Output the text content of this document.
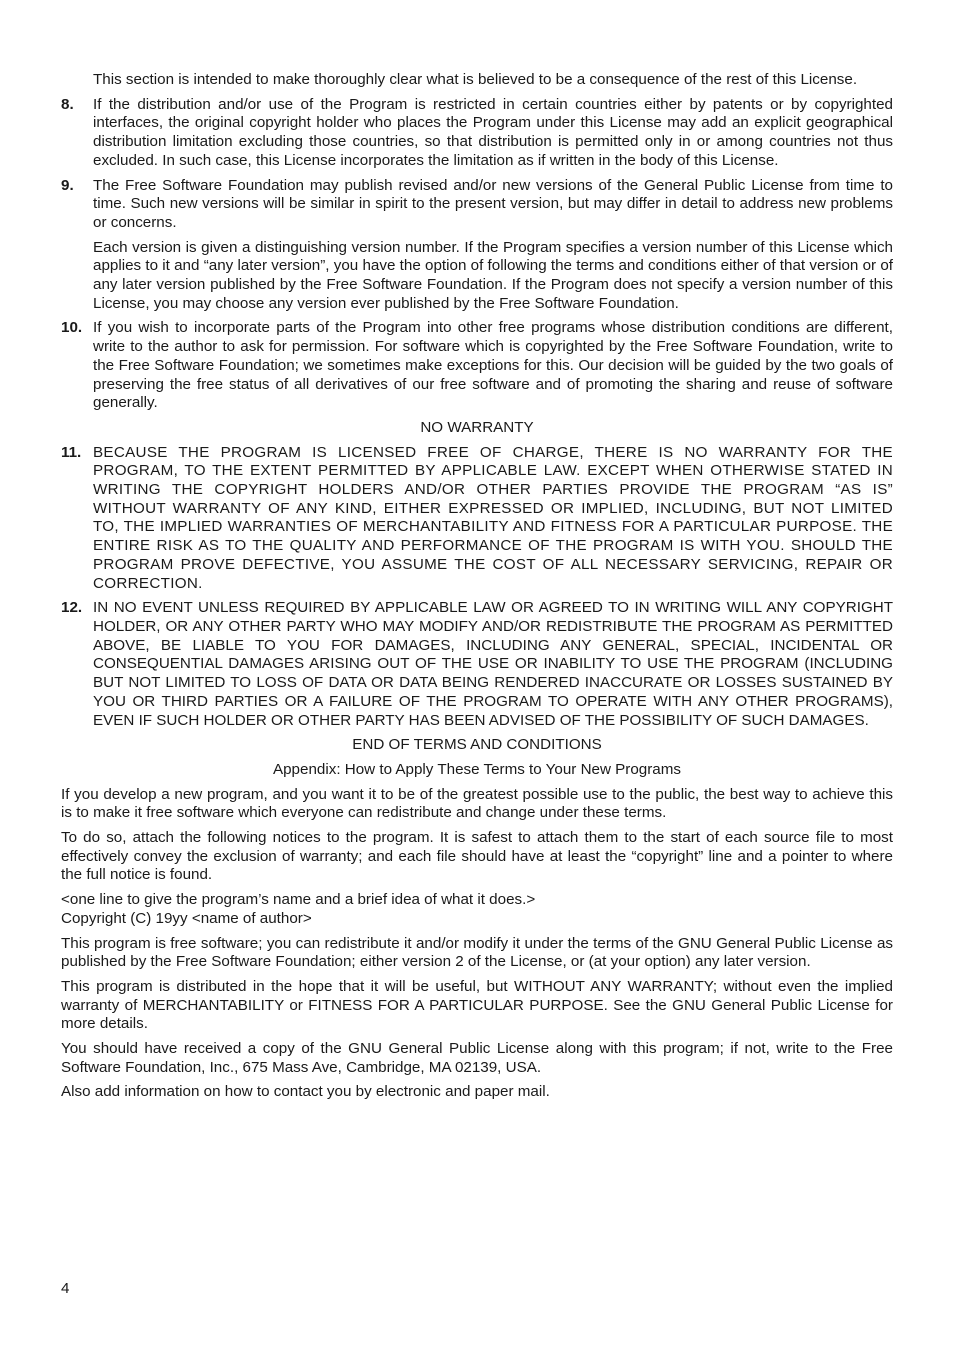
This section is intended to make thoroughly clear what is believed to be a consequence of the rest of this License.

8.	If the distribution and/or use of the Program is restricted in certain countries either by patents or by copyrighted interfaces, the original copyright holder who places the Program under this License may add an explicit geographical distribution limitation excluding those countries, so that distribution is permitted only in or among countries not thus excluded. In such case, this License incorporates the limitation as if written in the body of this License.
9.	The Free Software Foundation may publish revised and/or new versions of the General Public License from time to time. Such new versions will be similar in spirit to the present version, but may differ in detail to address new problems or concerns.
Each version is given a distinguishing version number. If the Program specifies a version number of this License which applies to it and “any later version”, you have the option of following the terms and conditions either of that version or of any later version published by the Free Software Foundation. If the Program does not specify a version number of this License, you may choose any version ever published by the Free Software Foundation.
10. If you wish to incorporate parts of the Program into other free programs whose distribution conditions are different, write to the author to ask for permission. For software which is copyrighted by the Free Software Foundation, write to the Free Software Foundation; we sometimes make exceptions for this. Our decision will be guided by the two goals of preserving the free status of all derivatives of our free software and of promoting the sharing and reuse of software generally.
NO WARRANTY
11. BECAUSE THE PROGRAM IS LICENSED FREE OF CHARGE, THERE IS NO WARRANTY FOR THE PROGRAM, TO THE EXTENT PERMITTED BY APPLICABLE LAW. EXCEPT WHEN OTHERWISE STATED IN WRITING THE COPYRIGHT HOLDERS AND/OR OTHER PARTIES PROVIDE THE PROGRAM “AS IS” WITHOUT WARRANTY OF ANY KIND, EITHER EXPRESSED OR IMPLIED, INCLUDING, BUT NOT LIMITED TO, THE IMPLIED WARRANTIES OF MERCHANTABILITY AND FITNESS FOR A PARTICULAR PURPOSE. THE ENTIRE RISK AS TO THE QUALITY AND PERFORMANCE OF THE PROGRAM IS WITH YOU. SHOULD THE PROGRAM PROVE DEFECTIVE, YOU ASSUME THE COST OF ALL NECESSARY SERVICING, REPAIR OR CORRECTION.
12. IN NO EVENT UNLESS REQUIRED BY APPLICABLE LAW OR AGREED TO IN WRITING WILL ANY COPYRIGHT HOLDER, OR ANY OTHER PARTY WHO MAY MODIFY AND/OR REDISTRIBUTE THE PROGRAM AS PERMITTED ABOVE, BE LIABLE TO YOU FOR DAMAGES, INCLUDING ANY GENERAL, SPECIAL, INCIDENTAL OR CONSEQUENTIAL DAMAGES ARISING OUT OF THE USE OR INABILITY TO USE THE PROGRAM (INCLUDING BUT NOT LIMITED TO LOSS OF DATA OR DATA BEING RENDERED INACCURATE OR LOSSES SUSTAINED BY YOU OR THIRD PARTIES OR A FAILURE OF THE PROGRAM TO OPERATE WITH ANY OTHER PROGRAMS), EVEN IF SUCH HOLDER OR OTHER PARTY HAS BEEN ADVISED OF THE POSSIBILITY OF SUCH DAMAGES.
END OF TERMS AND CONDITIONS
Appendix: How to Apply These Terms to Your New Programs

If you develop a new program, and you want it to be of the greatest possible use to the public, the best way to achieve this is to make it free software which everyone can redistribute and change under these terms.

To do so, attach the following notices to the program. It is safest to attach them to the start of each source file to most effectively convey the exclusion of warranty; and each file should have at least the “copyright” line and a pointer to where the full notice is found.

<one line to give the program’s name and a brief idea of what it does.>
Copyright (C) 19yy <name of author>

This program is free software; you can redistribute it and/or modify it under the terms of the GNU General Public License as published by the Free Software Foundation; either version 2 of the License, or (at your option) any later version.

This program is distributed in the hope that it will be useful, but WITHOUT ANY WARRANTY; without even the implied warranty of MERCHANTABILITY or FITNESS FOR A PARTICULAR PURPOSE. See the GNU General Public License for more details.

You should have received a copy of the GNU General Public License along with this program; if not, write to the Free Software Foundation, Inc., 675 Mass Ave, Cambridge, MA 02139, USA.

Also add information on how to contact you by electronic and paper mail.

4
